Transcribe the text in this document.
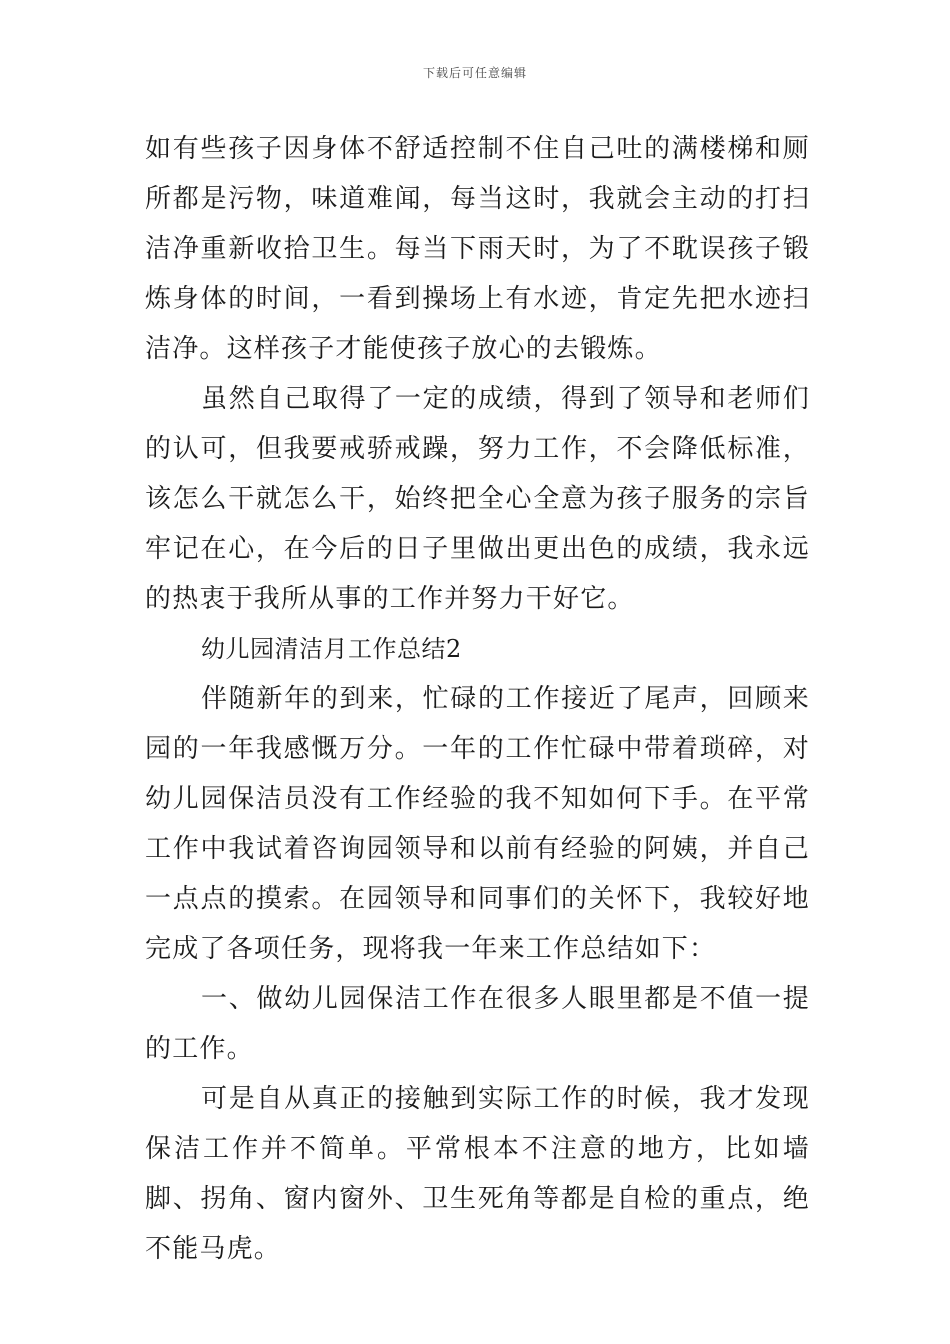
下载后可任意编辑

如有些孩子因身体不舒适控制不住自己吐的满楼梯和厕所都是污物，味道难闻，每当这时，我就会主动的打扫洁净重新收拾卫生。每当下雨天时，为了不耽误孩子锻炼身体的时间，一看到操场上有水迹，肯定先把水迹扫洁净。这样孩子才能使孩子放心的去锻炼。

虽然自己取得了一定的成绩，得到了领导和老师们的认可，但我要戒骄戒躁，努力工作，不会降低标准，该怎么干就怎么干，始终把全心全意为孩子服务的宗旨牢记在心，在今后的日子里做出更出色的成绩，我永远的热衷于我所从事的工作并努力干好它。

幼儿园清洁月工作总结2

伴随新年的到来，忙碌的工作接近了尾声，回顾来园的一年我感慨万分。一年的工作忙碌中带着琐碎，对幼儿园保洁员没有工作经验的我不知如何下手。在平常工作中我试着咨询园领导和以前有经验的阿姨，并自己一点点的摸索。在园领导和同事们的关怀下，我较好地完成了各项任务，现将我一年来工作总结如下：

一、做幼儿园保洁工作在很多人眼里都是不值一提的工作。

可是自从真正的接触到实际工作的时候，我才发现保洁工作并不简单。平常根本不注意的地方，比如墙脚、拐角、窗内窗外、卫生死角等都是自检的重点，绝不能马虎。
